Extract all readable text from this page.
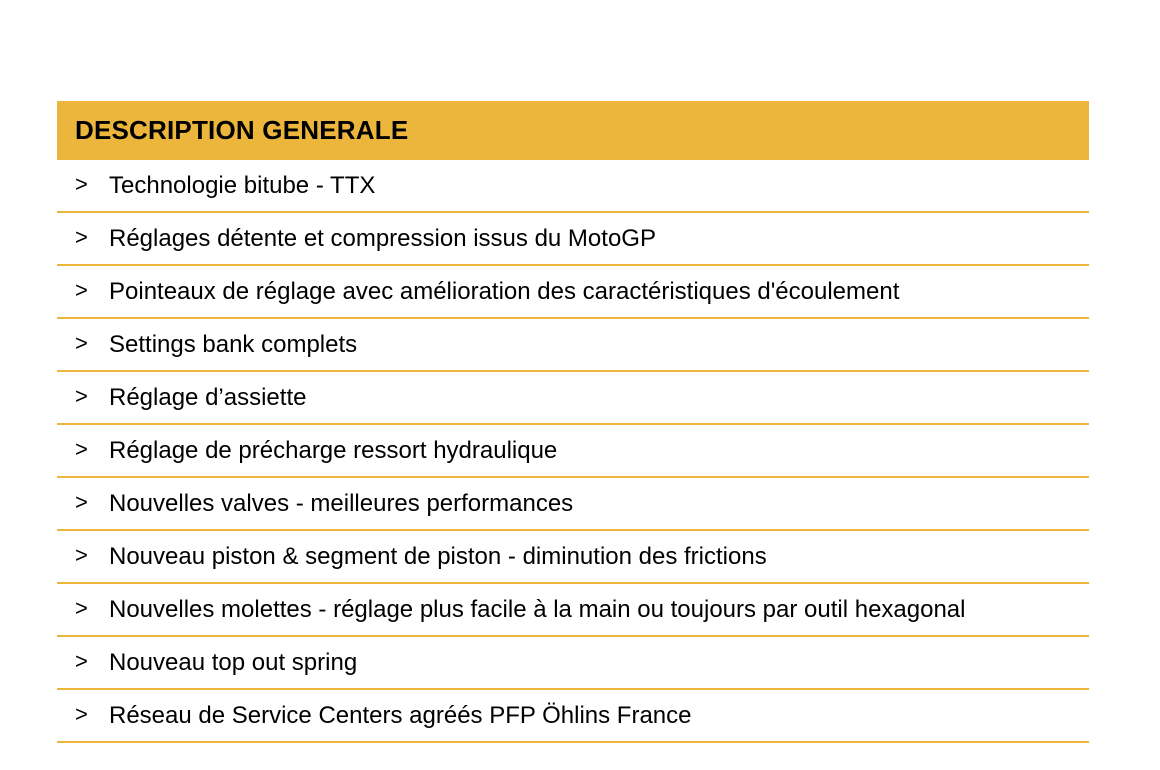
DESCRIPTION GENERALE
> Technologie bitube - TTX
> Réglages détente et compression issus du MotoGP
> Pointeaux de réglage avec amélioration des caractéristiques d'écoulement
> Settings bank complets
> Réglage d’assiette
> Réglage de précharge ressort hydraulique
> Nouvelles valves - meilleures performances
> Nouveau piston & segment de piston - diminution des frictions
> Nouvelles molettes - réglage plus facile à la main ou toujours par outil hexagonal
> Nouveau top out spring
> Réseau de Service Centers agréés PFP Öhlins France
